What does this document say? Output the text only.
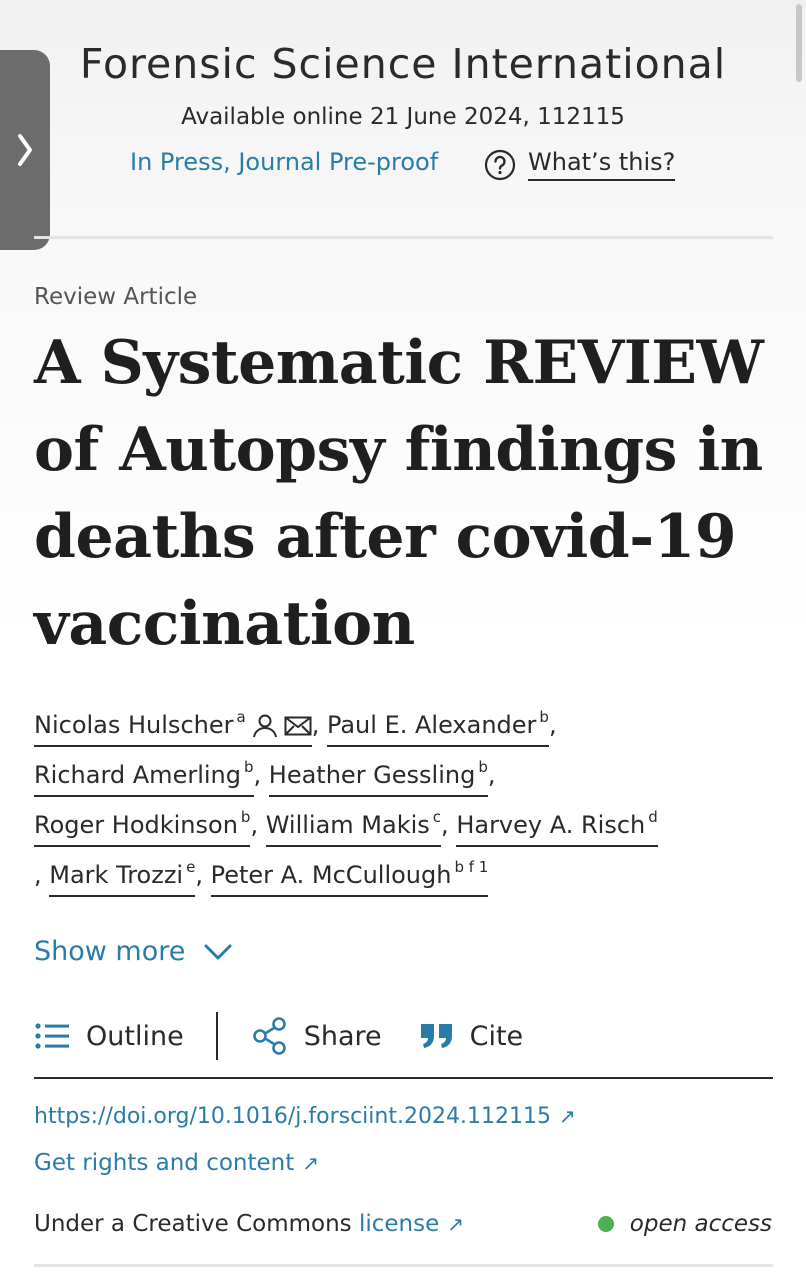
Forensic Science International
Available online 21 June 2024, 112115
In Press, Journal Pre-proof	What’s this?
Review Article
A Systematic REVIEW of Autopsy findings in deaths after covid-19 vaccination
Nicolas Hulscher $^a$	, Paul E. Alexander $^b$,
Richard Amerling $^b$, Heather Gessling $^b$,
Roger Hodkinson $^b$, William Makis $^c$, Harvey A. Risch $^d$
, Mark Trozzi $^e$, Peter A. McCullough $^{b f 1}$
Show more
Outline	Share	Cite
https://doi.org/10.1016/j.forsciint.2024.112115 ↗
Get rights and content ↗
Under a Creative Commons license ↗	open access
